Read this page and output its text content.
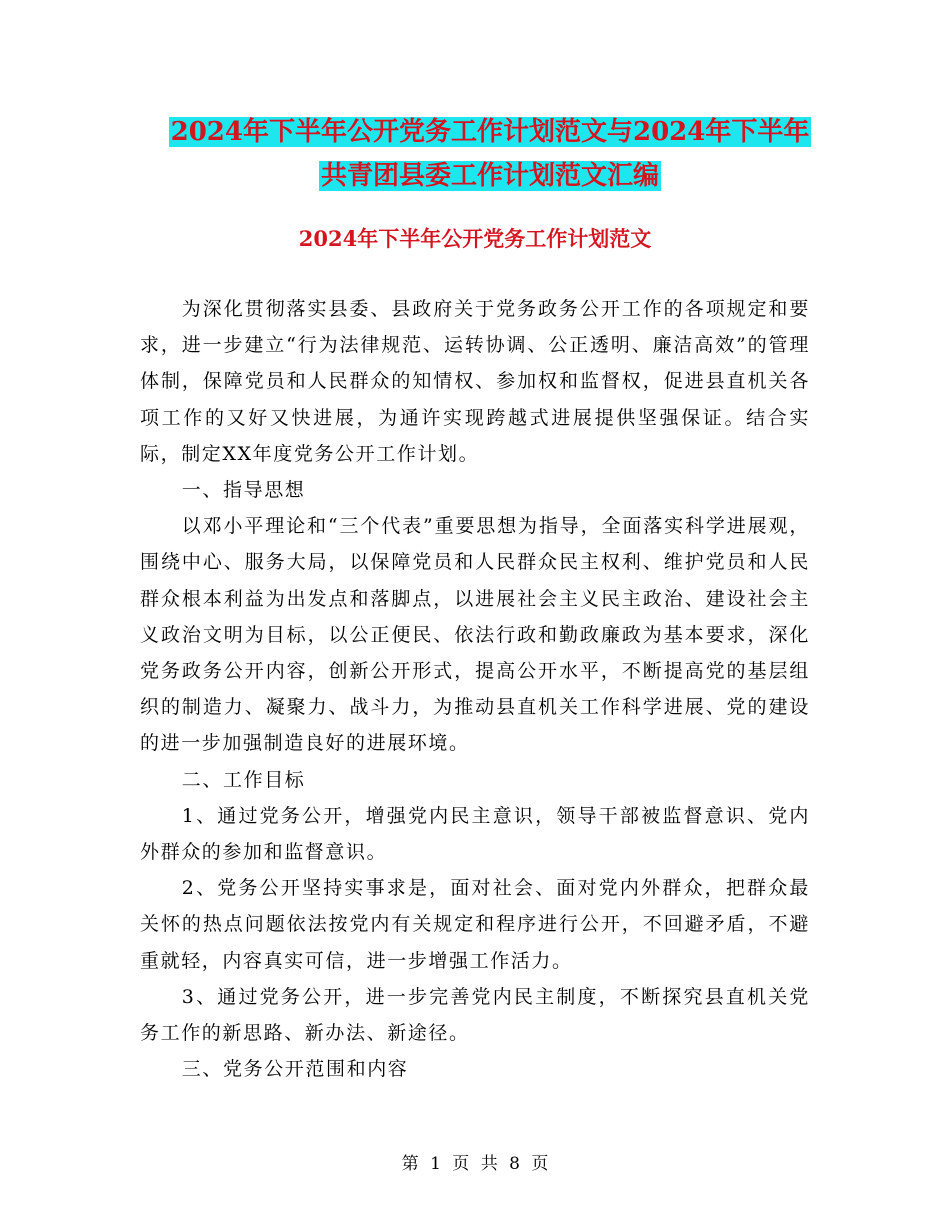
2024年下半年公开党务工作计划范文与2024年下半年
共青团县委工作计划范文汇编
2024年下半年公开党务工作计划范文

为深化贯彻落实县委、县政府关于党务政务公开工作的各项规定和要求，进一步建立“行为法律规范、运转协调、公正透明、廉洁高效”的管理体制，保障党员和人民群众的知情权、参加权和监督权，促进县直机关各项工作的又好又快进展，为通许实现跨越式进展提供坚强保证。结合实际，制定XX年度党务公开工作计划。

一、指导思想

以邓小平理论和“三个代表”重要思想为指导，全面落实科学进展观，围绕中心、服务大局，以保障党员和人民群众民主权利、维护党员和人民群众根本利益为出发点和落脚点，以进展社会主义民主政治、建设社会主义政治文明为目标，以公正便民、依法行政和勤政廉政为基本要求，深化党务政务公开内容，创新公开形式，提高公开水平，不断提高党的基层组织的制造力、凝聚力、战斗力，为推动县直机关工作科学进展、党的建设的进一步加强制造良好的进展环境。

二、工作目标

1、通过党务公开，增强党内民主意识，领导干部被监督意识、党内外群众的参加和监督意识。

2、党务公开坚持实事求是，面对社会、面对党内外群众，把群众最关怀的热点问题依法按党内有关规定和程序进行公开，不回避矛盾，不避重就轻，内容真实可信，进一步增强工作活力。

3、通过党务公开，进一步完善党内民主制度，不断探究县直机关党务工作的新思路、新办法、新途径。

三、党务公开范围和内容

第 1 页 共 8 页
